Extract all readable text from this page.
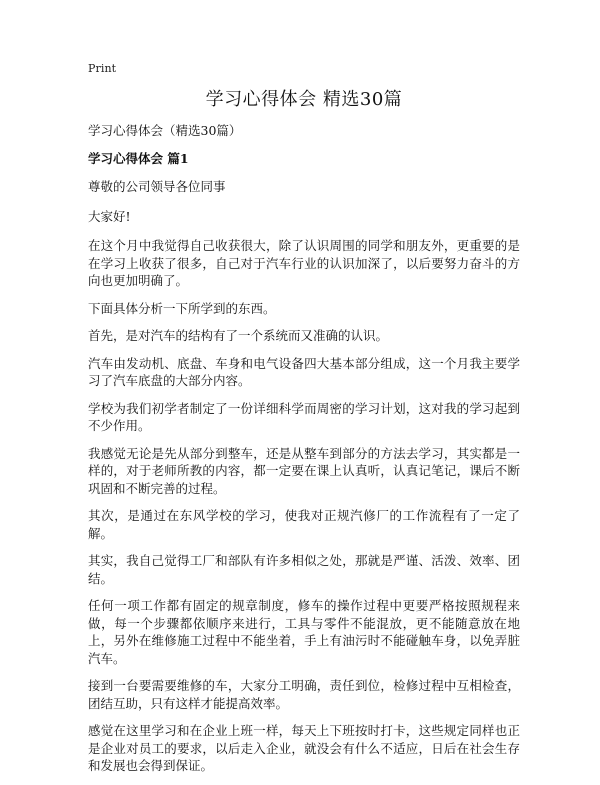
Print
学习心得体会 精选30篇
学习心得体会（精选30篇）
学习心得体会 篇1

尊敬的公司领导各位同事

大家好!

在这个月中我觉得自己收获很大，除了认识周围的同学和朋友外，更重要的是在学习上收获了很多，自己对于汽车行业的认识加深了，以后要努力奋斗的方向也更加明确了。

下面具体分析一下所学到的东西。

首先，是对汽车的结构有了一个系统而又准确的认识。

汽车由发动机、底盘、车身和电气设备四大基本部分组成，这一个月我主要学习了汽车底盘的大部分内容。

学校为我们初学者制定了一份详细科学而周密的学习计划，这对我的学习起到不少作用。

我感觉无论是先从部分到整车，还是从整车到部分的方法去学习，其实都是一样的，对于老师所教的内容，都一定要在课上认真听，认真记笔记，课后不断巩固和不断完善的过程。

其次，是通过在东风学校的学习，使我对正规汽修厂的工作流程有了一定了解。

其实，我自己觉得工厂和部队有许多相似之处，那就是严谨、活泼、效率、团结。

任何一项工作都有固定的规章制度，修车的操作过程中更要严格按照规程来做，每一个步骤都依顺序来进行，工具与零件不能混放，更不能随意放在地上，另外在维修施工过程中不能坐着，手上有油污时不能碰触车身，以免弄脏汽车。

接到一台要需要维修的车，大家分工明确，责任到位，检修过程中互相检查，团结互助，只有这样才能提高效率。

感觉在这里学习和在企业上班一样，每天上下班按时打卡，这些规定同样也正是企业对员工的要求，以后走入企业，就没会有什么不适应，日后在社会生存和发展也会得到保证。
